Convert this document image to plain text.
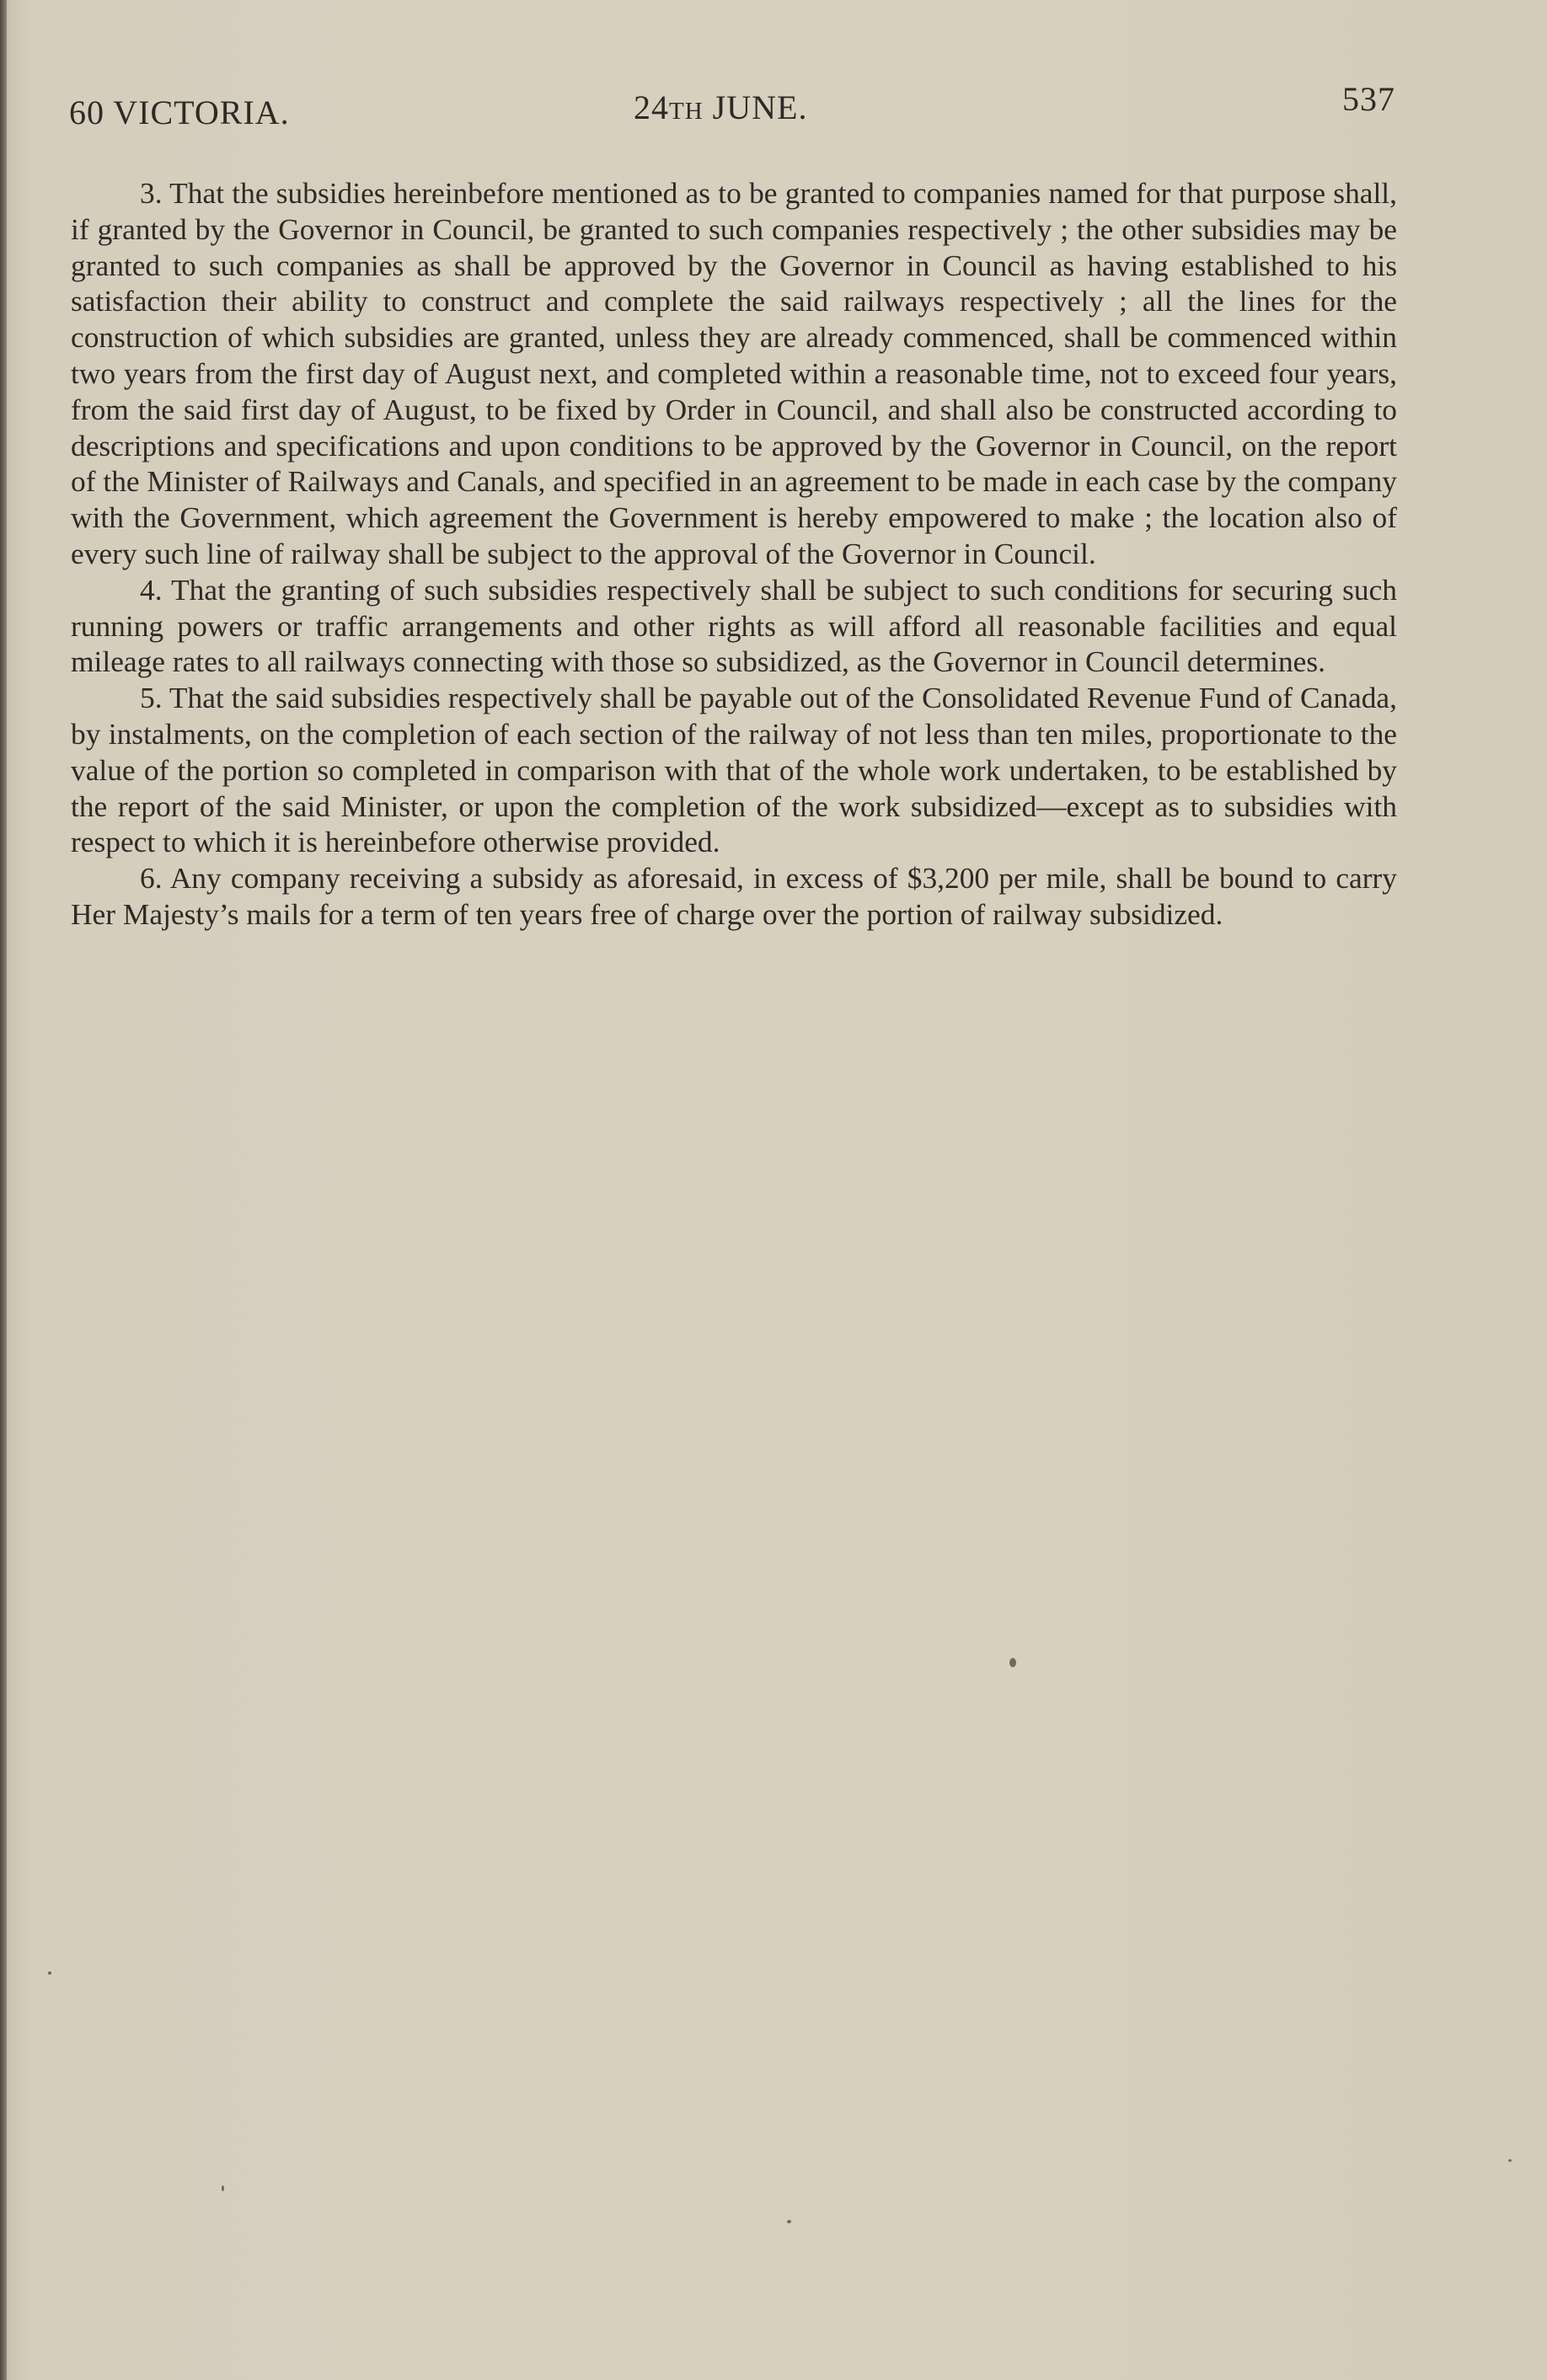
60 VICTORIA.	24TH JUNE.	537

3. That the subsidies hereinbefore mentioned as to be granted to companies named for that purpose shall, if granted by the Governor in Council, be granted to such companies respectively ; the other subsidies may be granted to such companies as shall be approved by the Governor in Council as having established to his satisfaction their ability to construct and complete the said railways respectively ; all the lines for the construction of which subsidies are granted, unless they are already commenced, shall be commenced within two years from the first day of August next, and completed within a reasonable time, not to exceed four years, from the said first day of August, to be fixed by Order in Council, and shall also be constructed according to descriptions and specifications and upon conditions to be approved by the Governor in Council, on the report of the Minister of Railways and Canals, and specified in an agreement to be made in each case by the company with the Government, which agreement the Government is hereby empowered to make ; the location also of every such line of railway shall be subject to the approval of the Governor in Council.

4. That the granting of such subsidies respectively shall be subject to such conditions for securing such running powers or traffic arrangements and other rights as will afford all reasonable facilities and equal mileage rates to all railways connecting with those so subsidized, as the Governor in Council determines.

5. That the said subsidies respectively shall be payable out of the Consolidated Revenue Fund of Canada, by instalments, on the completion of each section of the railway of not less than ten miles, proportionate to the value of the portion so completed in comparison with that of the whole work undertaken, to be established by the report of the said Minister, or upon the completion of the work subsidized—except as to subsidies with respect to which it is hereinbefore otherwise provided.

6. Any company receiving a subsidy as aforesaid, in excess of $3,200 per mile, shall be bound to carry Her Majesty’s mails for a term of ten years free of charge over the portion of railway subsidized.
